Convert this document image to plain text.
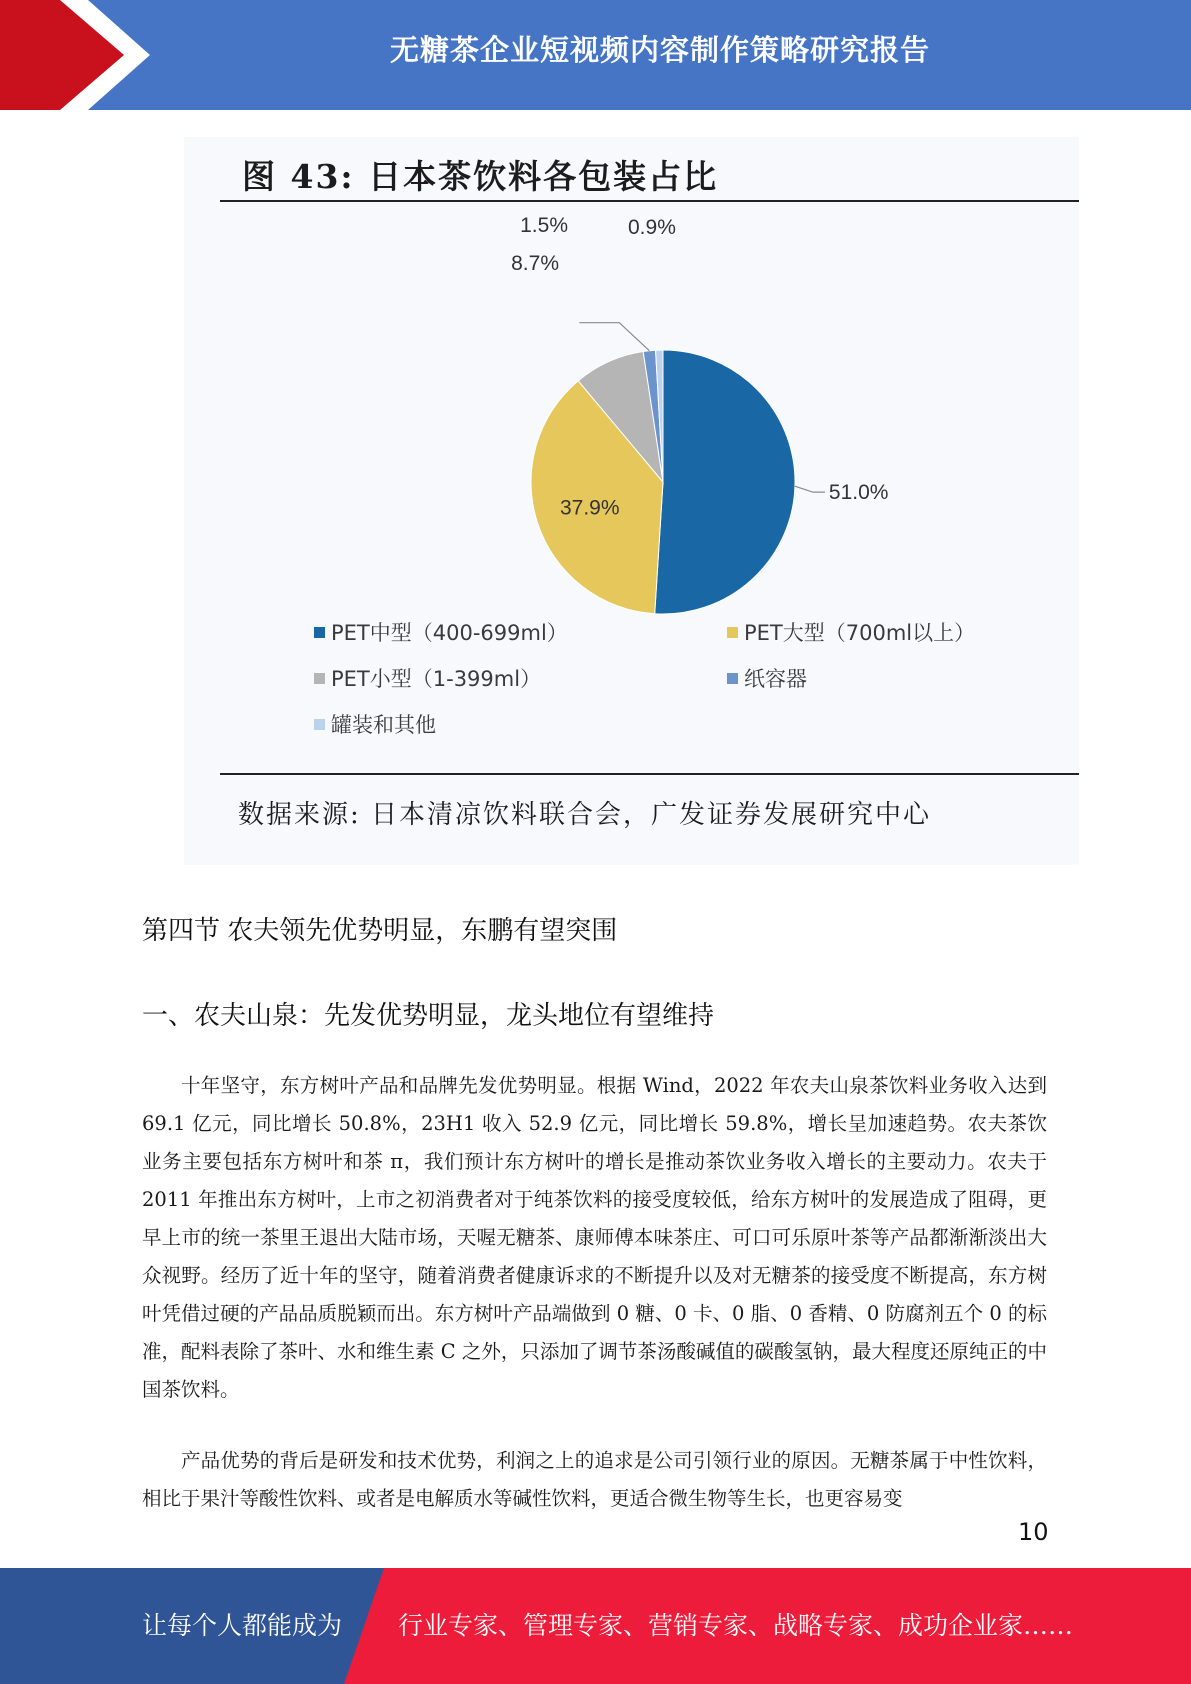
无糖茶企业短视频内容制作策略研究报告
图 43: 日本茶饮料各包装占比
51.0%
37.9%
8.7%
1.5%	0.9%
PET中型（400-699ml）	PET大型（700ml以上）
PET小型（1-399ml）	纸容器
罐装和其他
数据来源: 日本清凉饮料联合会，广发证券发展研究中心
第四节 农夫领先优势明显，东鹏有望突围
一、农夫山泉：先发优势明显，龙头地位有望维持

十年坚守，东方树叶产品和品牌先发优势明显。根据 Wind，2022 年农夫山泉茶饮料业务收入达到 69.1 亿元，同比增长 50.8%，23H1 收入 52.9 亿元，同比增长 59.8%，增长呈加速趋势。农夫茶饮业务主要包括东方树叶和茶 π，我们预计东方树叶的增长是推动茶饮业务收入增长的主要动力。农夫于 2011 年推出东方树叶，上市之初消费者对于纯茶饮料的接受度较低，给东方树叶的发展造成了阻碍，更早上市的统一茶里王退出大陆市场，天喔无糖茶、康师傅本味茶庄、可口可乐原叶茶等产品都渐渐淡出大众视野。经历了近十年的坚守，随着消费者健康诉求的不断提升以及对无糖茶的接受度不断提高，东方树叶凭借过硬的产品品质脱颖而出。东方树叶产品端做到 0 糖、0 卡、0 脂、0 香精、0 防腐剂五个 0 的标准，配料表除了茶叶、水和维生素 C 之外，只添加了调节茶汤酸碱值的碳酸氢钠，最大程度还原纯正的中国茶饮料。

产品优势的背后是研发和技术优势，利润之上的追求是公司引领行业的原因。无糖茶属于中性饮料，相比于果汁等酸性饮料、或者是电解质水等碱性饮料，更适合微生物等生长，也更容易变

10
让每个人都能成为 行业专家、管理专家、营销专家、战略专家、成功企业家……
